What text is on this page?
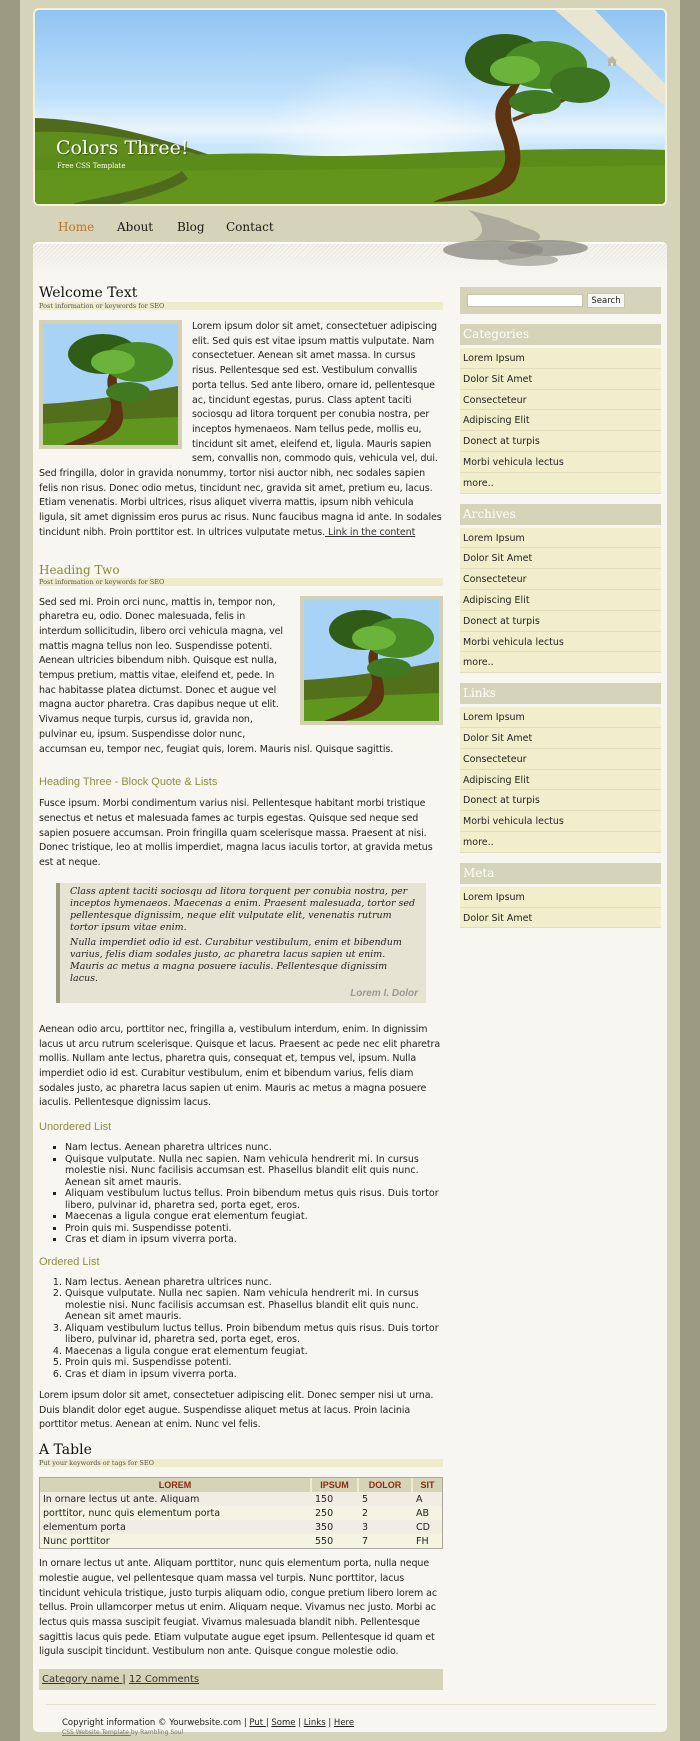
Colors Three!
Free CSS Template
Home About Blog Contact
Welcome Text
Post information or keywords for SEO

Lorem ipsum dolor sit amet, consectetuer adipiscing elit. Sed quis est vitae ipsum mattis vulputate. Nam consectetuer. Aenean sit amet massa. In cursus risus. Pellentesque sed est. Vestibulum convallis porta tellus. Sed ante libero, ornare id, pellentesque ac, tincidunt egestas, purus. Class aptent taciti sociosqu ad litora torquent per conubia nostra, per inceptos hymenaeos. Nam tellus pede, mollis eu, tincidunt sit amet, eleifend et, ligula. Mauris sapien sem, convallis non, commodo quis, vehicula vel, dui. Sed fringilla, dolor in gravida nonummy, tortor nisi auctor nibh, nec sodales sapien felis non risus. Donec odio metus, tincidunt nec, gravida sit amet, pretium eu, lacus. Etiam venenatis. Morbi ultrices, risus aliquet viverra mattis, ipsum nibh vehicula ligula, sit amet dignissim eros purus ac risus. Nunc faucibus magna id ante. In sodales tincidunt nibh. Proin porttitor est. In ultrices vulputate metus. Link in the content

Heading Two
Post information or keywords for SEO

Sed sed mi. Proin orci nunc, mattis in, tempor non, pharetra eu, odio. Donec malesuada, felis in interdum sollicitudin, libero orci vehicula magna, vel mattis magna tellus non leo. Suspendisse potenti. Aenean ultricies bibendum nibh. Quisque est nulla, tempus pretium, mattis vitae, eleifend et, pede. In hac habitasse platea dictumst. Donec et augue vel magna auctor pharetra. Cras dapibus neque ut elit. Vivamus neque turpis, cursus id, gravida non, pulvinar eu, ipsum. Suspendisse dolor nunc, accumsan eu, tempor nec, feugiat quis, lorem. Mauris nisl. Quisque sagittis.

Heading Three - Block Quote & Lists

Fusce ipsum. Morbi condimentum varius nisi. Pellentesque habitant morbi tristique senectus et netus et malesuada fames ac turpis egestas. Quisque sed neque sed sapien posuere accumsan. Proin fringilla quam scelerisque massa. Praesent at nisi. Donec tristique, leo at mollis imperdiet, magna lacus iaculis tortor, at gravida metus est at neque.

Class aptent taciti sociosqu ad litora torquent per conubia nostra, per inceptos hymenaeos. Maecenas a enim. Praesent malesuada, tortor sed pellentesque dignissim, neque elit vulputate elit, venenatis rutrum tortor ipsum vitae enim.

Nulla imperdiet odio id est. Curabitur vestibulum, enim et bibendum varius, felis diam sodales justo, ac pharetra lacus sapien ut enim. Mauris ac metus a magna posuere iaculis. Pellentesque dignissim lacus.

Lorem I. Dolor

Aenean odio arcu, porttitor nec, fringilla a, vestibulum interdum, enim. In dignissim lacus ut arcu rutrum scelerisque. Quisque et lacus. Praesent ac pede nec elit pharetra mollis. Nullam ante lectus, pharetra quis, consequat et, tempus vel, ipsum. Nulla imperdiet odio id est. Curabitur vestibulum, enim et bibendum varius, felis diam sodales justo, ac pharetra lacus sapien ut enim. Mauris ac metus a magna posuere iaculis. Pellentesque dignissim lacus.

Unordered List
▪ Nam lectus. Aenean pharetra ultrices nunc.
▪ Quisque vulputate. Nulla nec sapien. Nam vehicula hendrerit mi. In cursus molestie nisi. Nunc facilisis accumsan est. Phasellus blandit elit quis nunc. Aenean sit amet mauris.
▪ Aliquam vestibulum luctus tellus. Proin bibendum metus quis risus. Duis tortor libero, pulvinar id, pharetra sed, porta eget, eros.
▪ Maecenas a ligula congue erat elementum feugiat.
▪ Proin quis mi. Suspendisse potenti.
▪ Cras et diam in ipsum viverra porta.
Ordered List
1. Nam lectus. Aenean pharetra ultrices nunc.
2. Quisque vulputate. Nulla nec sapien. Nam vehicula hendrerit mi. In cursus molestie nisi. Nunc facilisis accumsan est. Phasellus blandit elit quis nunc. Aenean sit amet mauris.
3. Aliquam vestibulum luctus tellus. Proin bibendum metus quis risus. Duis tortor libero, pulvinar id, pharetra sed, porta eget, eros.
4. Maecenas a ligula congue erat elementum feugiat.
5. Proin quis mi. Suspendisse potenti.
6. Cras et diam in ipsum viverra porta.

Lorem ipsum dolor sit amet, consectetuer adipiscing elit. Donec semper nisi ut urna. Duis blandit dolor eget augue. Suspendisse aliquet metus at lacus. Proin lacinia porttitor metus. Aenean at enim. Nunc vel felis.

A Table
Put your keywords or tags for SEO
LOREM	IPSUM	DOLOR	SIT
In ornare lectus ut ante. Aliquam	150	5	A
porttitor, nunc quis elementum porta	250	2	AB
elementum porta	350	3	CD
Nunc porttitor	550	7	FH

In ornare lectus ut ante. Aliquam porttitor, nunc quis elementum porta, nulla neque molestie augue, vel pellentesque quam massa vel turpis. Nunc porttitor, lacus tincidunt vehicula tristique, justo turpis aliquam odio, congue pretium libero lorem ac tellus. Proin ullamcorper metus ut enim. Aliquam neque. Vivamus nec justo. Morbi ac lectus quis massa suscipit feugiat. Vivamus malesuada blandit nibh. Pellentesque sagittis lacus quis pede. Etiam vulputate augue eget ipsum. Pellentesque id quam et ligula suscipit tincidunt. Vestibulum non ante. Quisque congue molestie odio.

Category name | 12 Comments
Search
Categories
Lorem Ipsum
Dolor Sit Amet
Consecteteur
Adipiscing Elit
Donect at turpis
Morbi vehicula lectus
more..
Archives
Lorem Ipsum
Dolor Sit Amet
Consecteteur
Adipiscing Elit
Donect at turpis
Morbi vehicula lectus
more..
Links
Lorem Ipsum
Dolor Sit Amet
Consecteteur
Adipiscing Elit
Donect at turpis
Morbi vehicula lectus
more..
Meta
Lorem Ipsum
Dolor Sit Amet
Copyright information © Yourwebsite.com | Put | Some | Links | Here
CSS Website Template by Rambling Soul
